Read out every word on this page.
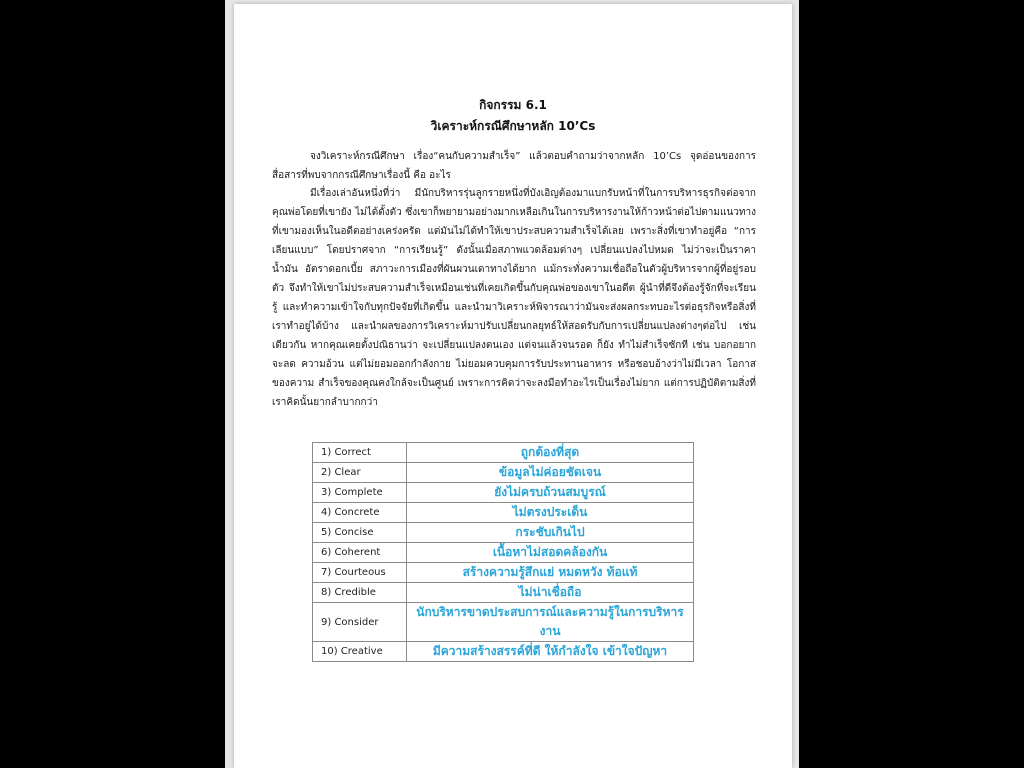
กิจกรรม 6.1
วิเคราะห์กรณีศึกษาหลัก 10’Cs

จงวิเคราะห์กรณีศึกษา เรื่อง“คนกับความสำเร็จ” แล้วตอบคำถามว่าจากหลัก 10’Cs จุดอ่อนของการสื่อสารที่พบจากกรณีศึกษาเรื่องนี้ คือ อะไร

มีเรื่องเล่าอันหนึ่งที่ว่า มีนักบริหารรุ่นลูกรายหนึ่งที่บังเอิญต้องมาแบกรับหน้าที่ในการบริหารธุรกิจต่อจากคุณพ่อโดยที่เขายัง ไม่ได้ตั้งตัว ซึ่งเขาก็พยายามอย่างมากเหลือเกินในการบริหารงานให้ก้าวหน้าต่อไปตามแนวทางที่เขามองเห็นในอดีตอย่างเคร่งครัด แต่มันไม่ได้ทำให้เขาประสบความสำเร็จได้เลย เพราะสิ่งที่เขาทำอยู่คือ “การเลียนแบบ” โดยปราศจาก “การเรียนรู้” ดังนั้นเมื่อสภาพแวดล้อมต่างๆ เปลี่ยนแปลงไปหมด ไม่ว่าจะเป็นราคาน้ำมัน อัตราดอกเบี้ย สภาวะการเมืองที่ผันผวนเดาทางได้ยาก แม้กระทั่งความเชื่อถือในตัวผู้บริหารจากผู้ที่อยู่รอบตัว จึงทำให้เขาไม่ประสบความสำเร็จเหมือนเช่นที่เคยเกิดขึ้นกับคุณพ่อของเขาในอดีต ผู้นำที่ดีจึงต้องรู้จักที่จะเรียนรู้ และทำความเข้าใจกับทุกปัจจัยที่เกิดขึ้น และนำมาวิเคราะห์พิจารณาว่ามันจะส่งผลกระทบอะไรต่อธุรกิจหรือสิ่งที่เราทำอยู่ได้บ้าง และนำผลของการวิเคราะห์มาปรับเปลี่ยนกลยุทธ์ให้สอดรับกับการเปลี่ยนแปลงต่างๆต่อไป เช่นเดียวกัน หากคุณเคยตั้งปณิธานว่า จะเปลี่ยนแปลงตนเอง แต่จนแล้วจนรอด ก็ยัง ทำไม่สำเร็จซักที เช่น บอกอยากจะลด ความอ้วน แต่ไม่ยอมออกกำลังกาย ไม่ยอมควบคุมการรับประทานอาหาร หรือชอบอ้างว่าไม่มีเวลา โอกาสของความ สำเร็จของคุณคงใกล้จะเป็นศูนย์ เพราะการคิดว่าจะลงมือทำอะไรเป็นเรื่องไม่ยาก แต่การปฏิบัติตามสิ่งที่เราคิดนั้นยากลำบากกว่า

1) Correct	ถูกต้องที่สุด
2) Clear	ข้อมูลไม่ค่อยชัดเจน
3) Complete	ยังไม่ครบถ้วนสมบูรณ์
4) Concrete	ไม่ตรงประเด็น
5) Concise	กระชับเกินไป
6) Coherent	เนื้อหาไม่สอดคล้องกัน
7) Courteous	สร้างความรู้สึกแย่ หมดหวัง ท้อแท้
8) Credible	ไม่น่าเชื่อถือ
9) Consider	นักบริหารขาดประสบการณ์และความรู้ในการบริหารงาน
10) Creative	มีความสร้างสรรค์ที่ดี ให้กำลังใจ เข้าใจปัญหา
